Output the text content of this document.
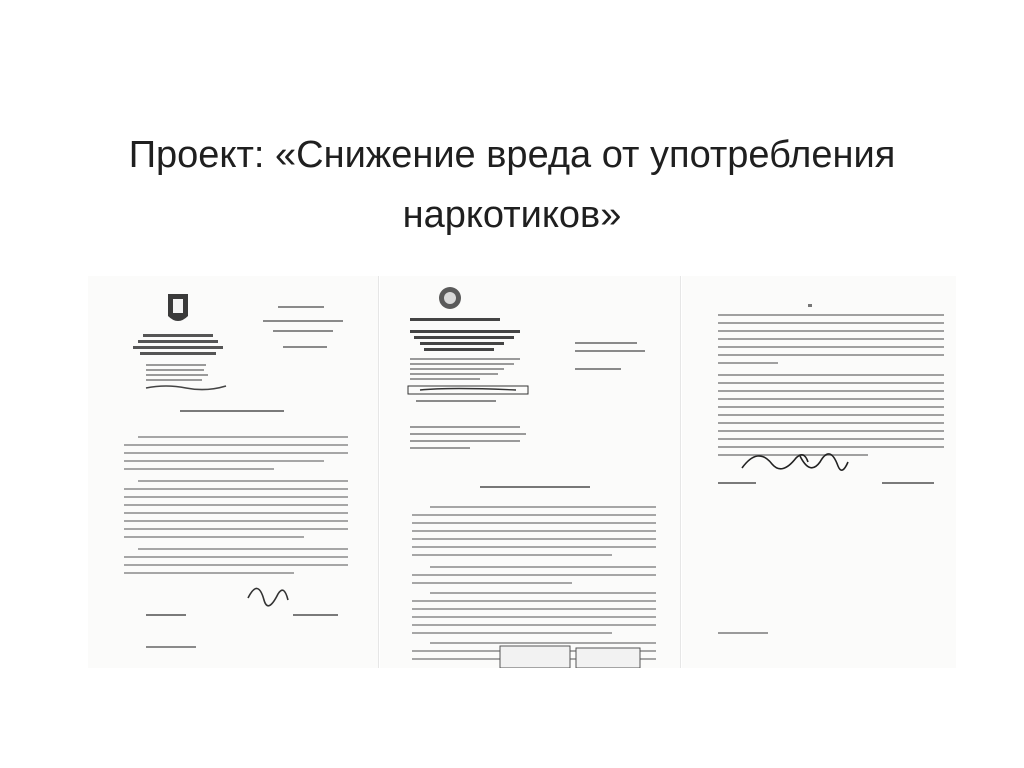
Проект: «Снижение вреда от употребления наркотиков»
